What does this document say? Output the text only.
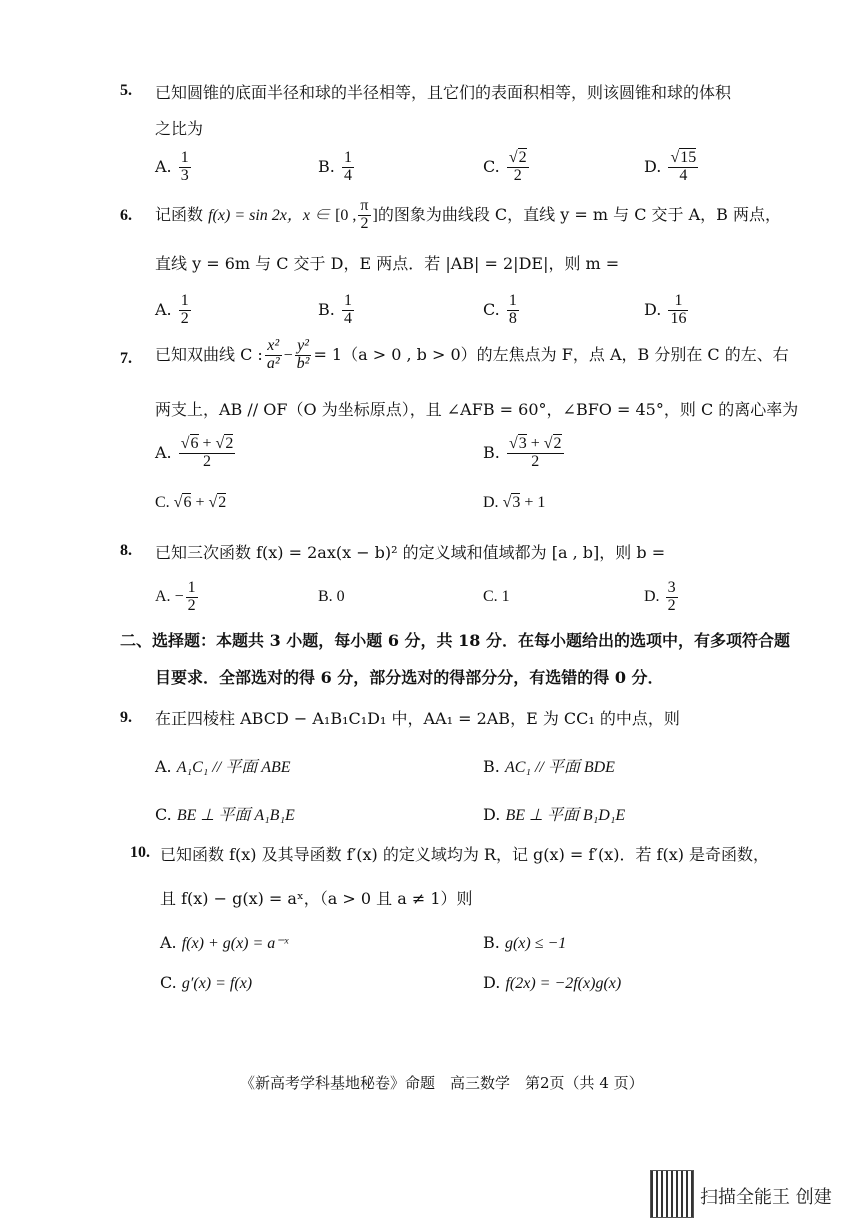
5. 已知圆锥的底面半径和球的半径相等，且它们的表面积相等，则该圆锥和球的体积
之比为
A. $\frac{1}{3}$	B. $\frac{1}{4}$	C. $\frac{√2}{2}$	D. $\frac{√15}{4}$
6. 记函数 f(x) = sin 2x，x ∈ [0 , $\frac{\pi}{2}$ ]的图象为曲线段 C，直线 y = m 与 C 交于 A，B 两点，
直线 y = 6m 与 C 交于 D，E 两点．若 |AB| = 2|DE|，则 m =
A. $\frac{1}{2}$	B. $\frac{1}{4}$	C. $\frac{1}{8}$	D. $\frac{1}{16}$
7. 已知双曲线 C : $\frac{\text{x²}}{\text{a²}} - \frac{\text{y²}}{\text{b²}} = 1(a > 0$ , b > 0）的左焦点为 F，点 A，B 分别在 C 的左、右
两支上，AB // OF（O 为坐标原点），且 ∠AFB = 60°，∠BFO = 45°，则 C 的离心率为
A. $\frac{√6 + √2}{2}$	B. $\frac{√3 + √2}{2}$
C. √6 + √2	D. √3 + 1
8. 已知三次函数 f(x) = 2ax(x − b)² 的定义域和值域都为 [a , b]，则 b =
A. − $\frac{1}{2}$	B. 0	C. 1	D. $\frac{3}{2}$
二、选择题：本题共 3 小题，每小题 6 分，共 18 分．在每小题给出的选项中，有多项符合题
目要求．全部选对的得 6 分，部分选对的得部分分，有选错的得 0 分．
9. 在正四棱柱 ABCD − A₁B₁C₁D₁ 中，AA₁ = 2AB，E 为 CC₁ 的中点，则
A. A₁C₁ // 平面 ABE	B. AC₁ // 平面 BDE
C. BE ⊥ 平面 A₁B₁E	D. BE ⊥ 平面 B₁D₁E
10. 已知函数 f(x) 及其导函数 f′(x) 的定义域均为 R，记 g(x) = f′(x)．若 f(x) 是奇函数，
且 f(x) − g(x) = aˣ，（a > 0 且 a ≠ 1）则
A. f(x) + g(x) = a⁻ˣ	B. g(x) ≤ −1
C. g′(x) = f(x)	D. f(2x) = −2f(x)g(x)
《新高考学科基地秘卷》命题　高三数学　第2页（共 4 页）
扫描全能王 创建
